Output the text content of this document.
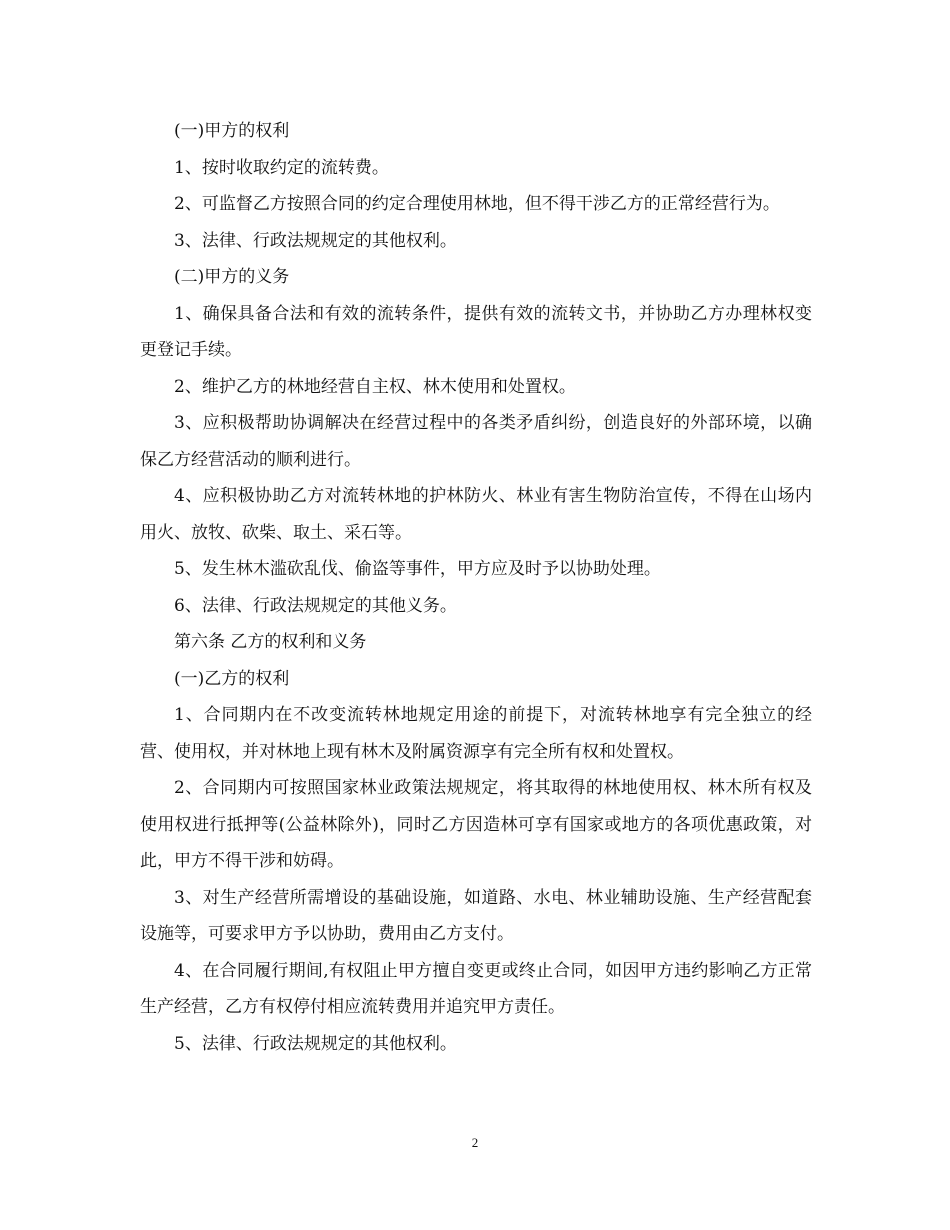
(一)甲方的权利

1、按时收取约定的流转费。

2、可监督乙方按照合同的约定合理使用林地，但不得干涉乙方的正常经营行为。

3、法律、行政法规规定的其他权利。

(二)甲方的义务

1、确保具备合法和有效的流转条件，提供有效的流转文书，并协助乙方办理林权变更登记手续。

2、维护乙方的林地经营自主权、林木使用和处置权。

3、应积极帮助协调解决在经营过程中的各类矛盾纠纷，创造良好的外部环境，以确保乙方经营活动的顺利进行。

4、应积极协助乙方对流转林地的护林防火、林业有害生物防治宣传，不得在山场内用火、放牧、砍柴、取土、采石等。

5、发生林木滥砍乱伐、偷盗等事件，甲方应及时予以协助处理。

6、法律、行政法规规定的其他义务。

第六条 乙方的权利和义务

(一)乙方的权利

1、合同期内在不改变流转林地规定用途的前提下，对流转林地享有完全独立的经营、使用权，并对林地上现有林木及附属资源享有完全所有权和处置权。

2、合同期内可按照国家林业政策法规规定，将其取得的林地使用权、林木所有权及使用权进行抵押等(公益林除外)，同时乙方因造林可享有国家或地方的各项优惠政策，对此，甲方不得干涉和妨碍。

3、对生产经营所需增设的基础设施，如道路、水电、林业辅助设施、生产经营配套设施等，可要求甲方予以协助，费用由乙方支付。

4、在合同履行期间,有权阻止甲方擅自变更或终止合同，如因甲方违约影响乙方正常生产经营，乙方有权停付相应流转费用并追究甲方责任。

5、法律、行政法规规定的其他权利。

2
